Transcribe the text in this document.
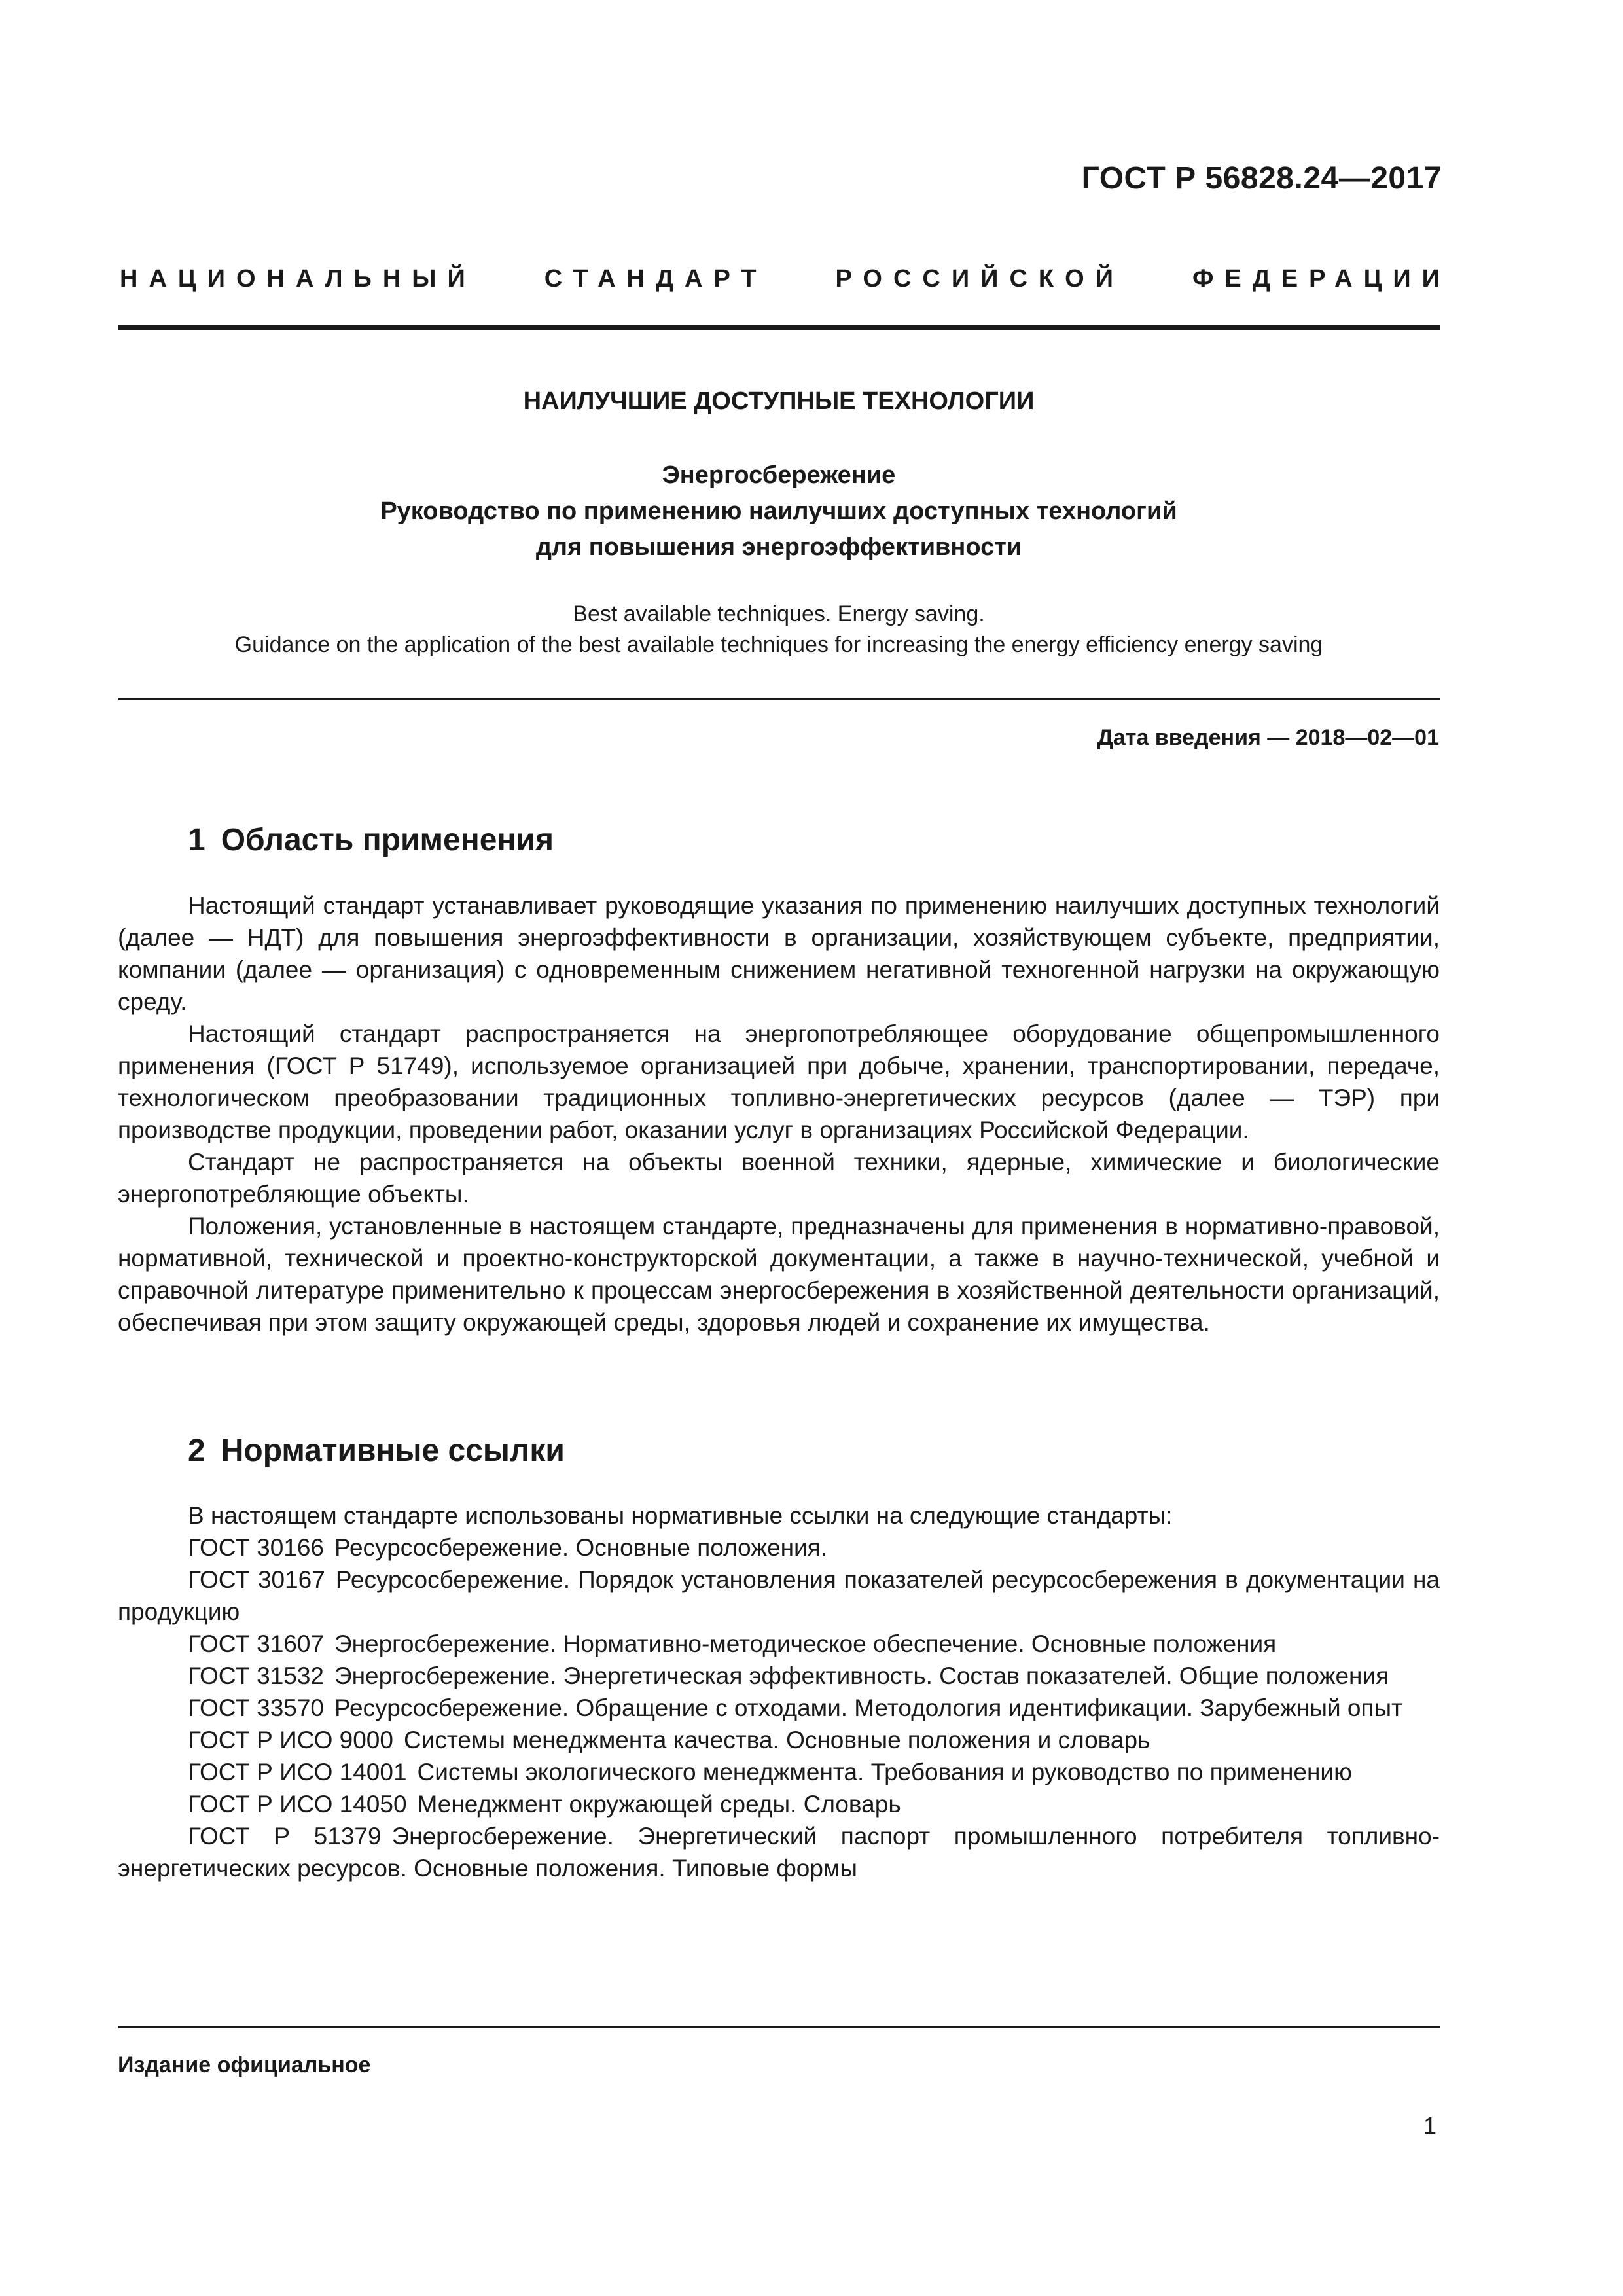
ГОСТ Р 56828.24—2017
НАЦИОНАЛЬНЫЙ	СТАНДАРТ	РОССИЙСКОЙ	ФЕДЕРАЦИИ
НАИЛУЧШИЕ ДОСТУПНЫЕ ТЕХНОЛОГИИ
Энергосбережение
Руководство по применению наилучших доступных технологий
для повышения энергоэффективности
Best available techniques. Energy saving.
Guidance on the application of the best available techniques for increasing the energy efficiency energy saving
Дата введения — 2018—02—01
1 Область применения

Настоящий стандарт устанавливает руководящие указания по применению наилучших доступных технологий (далее — НДТ) для повышения энергоэффективности в организации, хозяйствующем субъекте, предприятии, компании (далее — организация) с одновременным снижением негативной техногенной нагрузки на окружающую среду.

Настоящий стандарт распространяется на энергопотребляющее оборудование общепромышленного применения (ГОСТ Р 51749), используемое организацией при добыче, хранении, транспортировании, передаче, технологическом преобразовании традиционных топливно-энергетических ресурсов (далее — ТЭР) при производстве продукции, проведении работ, оказании услуг в организациях Российской Федерации.

Стандарт не распространяется на объекты военной техники, ядерные, химические и биологические энергопотребляющие объекты.

Положения, установленные в настоящем стандарте, предназначены для применения в нормативно-правовой, нормативной, технической и проектно-конструкторской документации, а также в научно-технической, учебной и справочной литературе применительно к процессам энергосбережения в хозяйственной деятельности организаций, обеспечивая при этом защиту окружающей среды, здоровья людей и сохранение их имущества.

2 Нормативные ссылки

В настоящем стандарте использованы нормативные ссылки на следующие стандарты:

ГОСТ 30166 Ресурсосбережение. Основные положения.

ГОСТ 30167 Ресурсосбережение. Порядок установления показателей ресурсосбережения в документации на продукцию

ГОСТ 31607 Энергосбережение. Нормативно-методическое обеспечение. Основные положения

ГОСТ 31532 Энергосбережение. Энергетическая эффективность. Состав показателей. Общие положения

ГОСТ 33570 Ресурсосбережение. Обращение с отходами. Методология идентификации. Зарубежный опыт

ГОСТ Р ИСО 9000 Системы менеджмента качества. Основные положения и словарь

ГОСТ Р ИСО 14001 Системы экологического менеджмента. Требования и руководство по применению

ГОСТ Р ИСО 14050 Менеджмент окружающей среды. Словарь

ГОСТ Р 51379 Энергосбережение. Энергетический паспорт промышленного потребителя топливно-энергетических ресурсов. Основные положения. Типовые формы

Издание официальное
1
